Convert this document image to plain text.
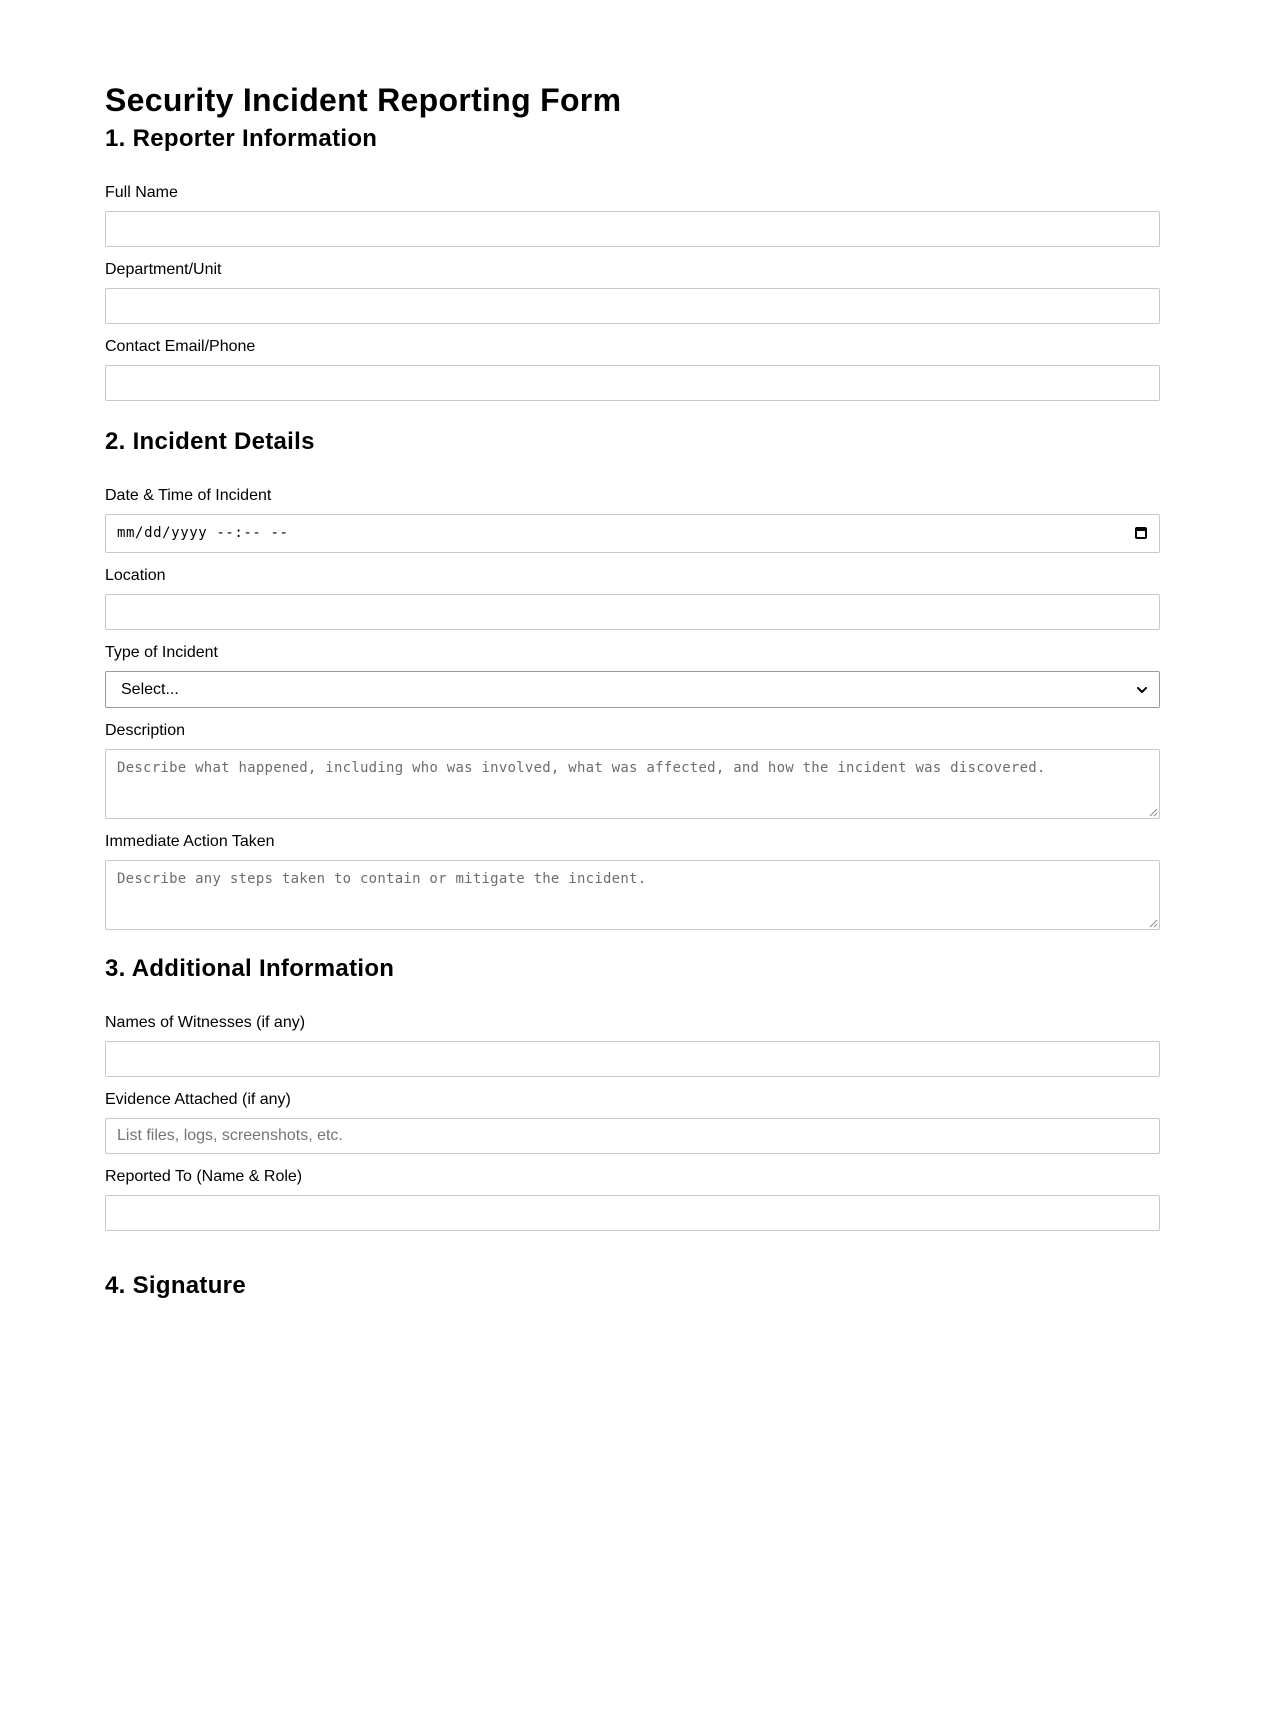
Security Incident Reporting Form
1. Reporter Information
Full Name
Department/Unit
Contact Email/Phone
2. Incident Details
Date & Time of Incident
mm/dd/yyyy --:-- --
Location
Type of Incident
Select...
Description
Describe what happened, including who was involved, what was affected, and how the incident was discovered.
Immediate Action Taken
Describe any steps taken to contain or mitigate the incident.
3. Additional Information
Names of Witnesses (if any)
Evidence Attached (if any)
List files, logs, screenshots, etc.
Reported To (Name & Role)
4. Signature
